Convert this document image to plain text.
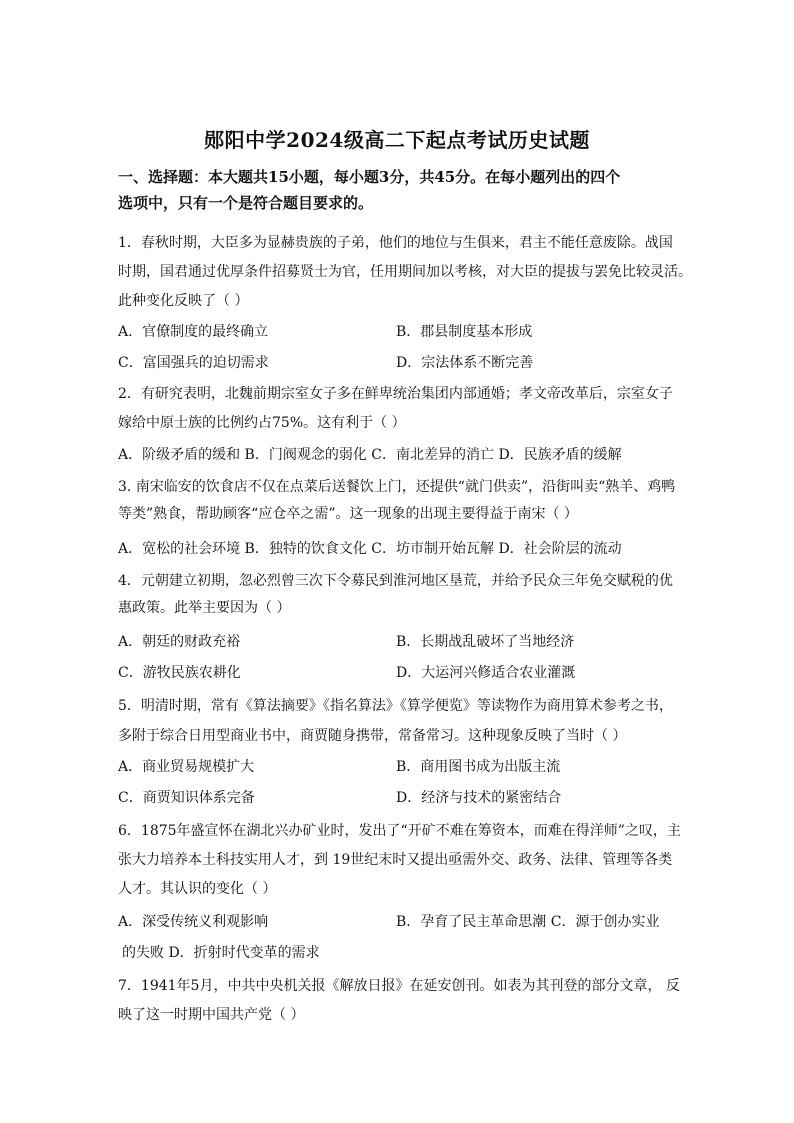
郧阳中学2024级高二下起点考试历史试题
一、选择题：本大题共15小题，每小题3分，共45分。在每小题列出的四个
选项中，只有一个是符合题目要求的。
1．春秋时期，大臣多为显赫贵族的子弟，他们的地位与生俱来，君主不能任意废除。战国
时期，国君通过优厚条件招募贤士为官，任用期间加以考核，对大臣的提拔与罢免比较灵活。
此种变化反映了（ ）
A．官僚制度的最终确立	B．郡县制度基本形成
C．富国强兵的迫切需求	D．宗法体系不断完善
2．有研究表明，北魏前期宗室女子多在鲜卑统治集团内部通婚；孝文帝改革后，宗室女子
嫁给中原士族的比例约占75%。这有利于（ ）
A．阶级矛盾的缓和 B．门阀观念的弱化 C．南北差异的消亡 D．民族矛盾的缓解
3. 南宋临安的饮食店不仅在点菜后送餐饮上门，还提供“就门供卖”，沿街叫卖“熟羊、鸡鸭
等类”熟食，帮助顾客“应仓卒之需”。这一现象的出现主要得益于南宋（ ）
A．宽松的社会环境 B．独特的饮食文化 C．坊市制开始瓦解 D．社会阶层的流动
4．元朝建立初期，忽必烈曾三次下令募民到淮河地区垦荒，并给予民众三年免交赋税的优
惠政策。此举主要因为（ ）
A．朝廷的财政充裕	B．长期战乱破坏了当地经济
C．游牧民族农耕化	D．大运河兴修适合农业灌溉
5．明清时期，常有《算法摘要》《指名算法》《算学便览》等读物作为商用算术参考之书，
多附于综合日用型商业书中，商贾随身携带，常备常习。这种现象反映了当时（ ）
A．商业贸易规模扩大	B．商用图书成为出版主流
C．商贾知识体系完备	D．经济与技术的紧密结合
6．1875年盛宣怀在湖北兴办矿业时，发出了“开矿不难在筹资本，而难在得洋师”之叹，主
张大力培养本土科技实用人才，到 19世纪末时又提出亟需外交、政务、法律、管理等各类
人才。其认识的变化（ ）
A．深受传统义利观影响	B．孕育了民主革命思潮 C．源于创办实业
的失败 D．折射时代变革的需求
7．1941年5月，中共中央机关报《解放日报》在延安创刊。如表为其刊登的部分文章， 反
映了这一时期中国共产党（ ）
